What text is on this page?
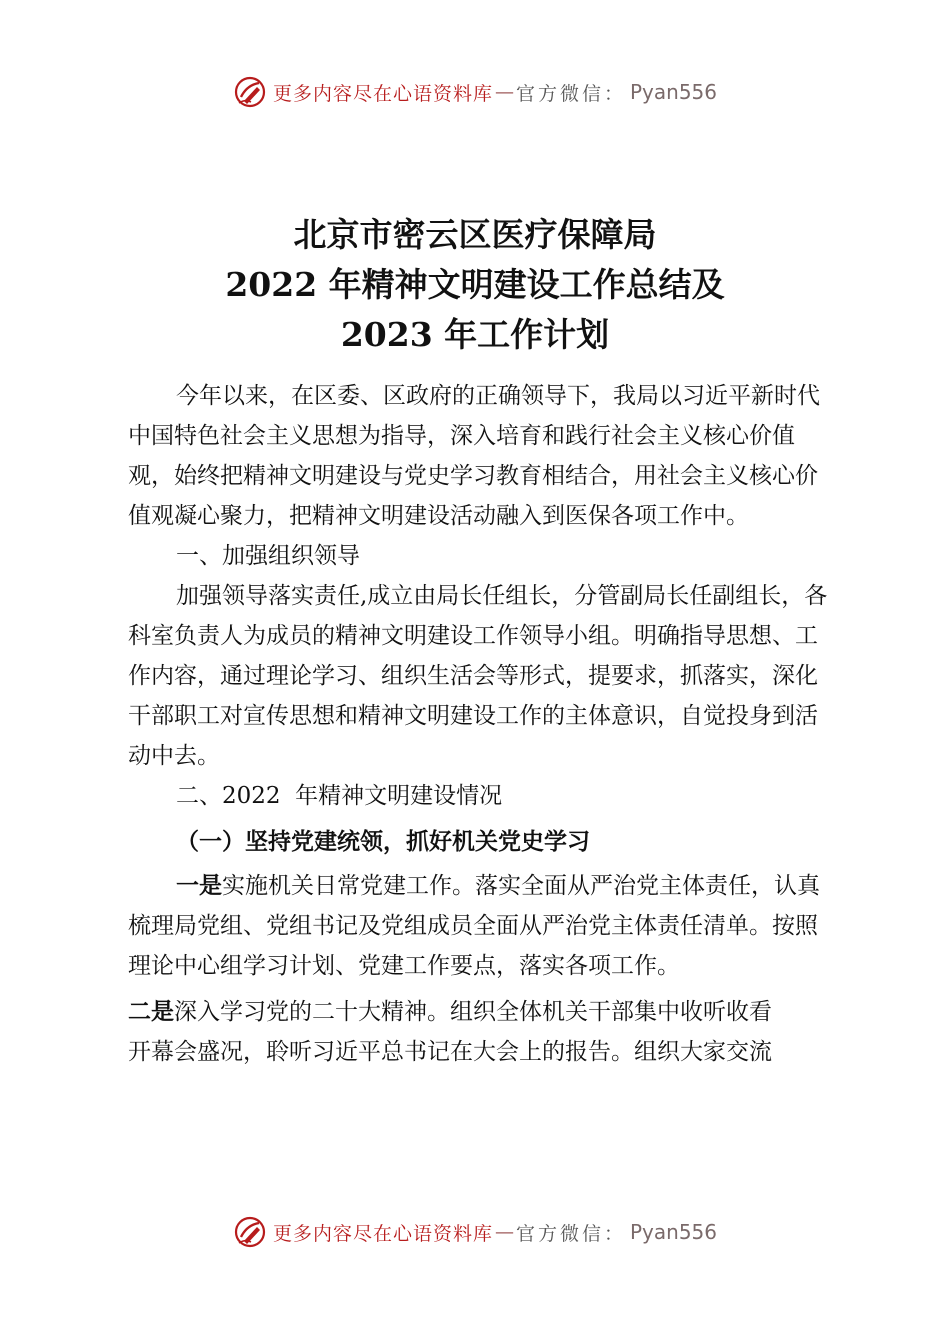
更多内容尽在心语资料库 — 官方微信： Pyan556
北京市密云区医疗保障局
2022 年精神文明建设工作总结及
2023 年工作计划

今年以来，在区委、区政府的正确领导下，我局以习近平新时代中国特色社会主义思想为指导，深入培育和践行社会主义核心价值观，始终把精神文明建设与党史学习教育相结合，用社会主义核心价值观凝心聚力，把精神文明建设活动融入到医保各项工作中。

一、加强组织领导

加强领导落实责任,成立由局长任组长，分管副局长任副组长，各科室负责人为成员的精神文明建设工作领导小组。明确指导思想、工作内容，通过理论学习、组织生活会等形式，提要求，抓落实，深化干部职工对宣传思想和精神文明建设工作的主体意识，自觉投身到活动中去。

二、2022  年精神文明建设情况

（一）坚持党建统领，抓好机关党史学习

一是实施机关日常党建工作。落实全面从严治党主体责任，认真梳理局党组、党组书记及党组成员全面从严治党主体责任清单。按照理论中心组学习计划、党建工作要点，落实各项工作。

二是深入学习党的二十大精神。组织全体机关干部集中收听收看

开幕会盛况，聆听习近平总书记在大会上的报告。组织大家交流

更多内容尽在心语资料库 — 官方微信： Pyan556
